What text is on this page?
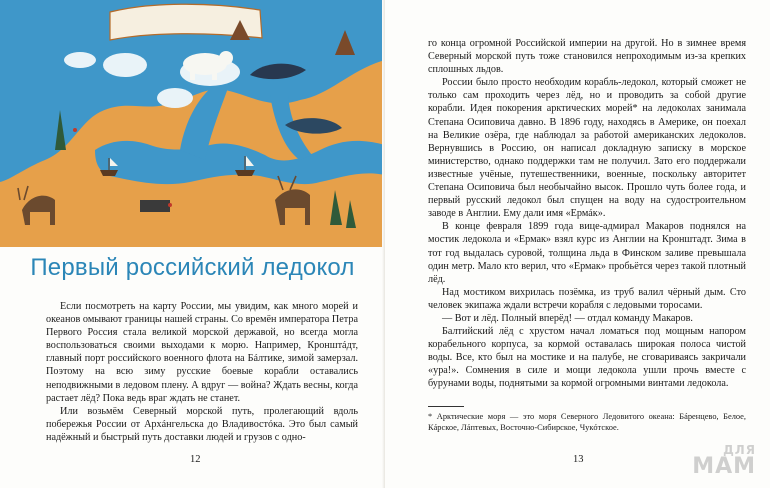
Первый российский ледокол

Если посмотреть на карту России, мы увидим, как много морей и океанов омывают границы нашей страны. Со времён императора Петра Первого Россия стала великой морской державой, но всегда могла воспользоваться своими выходами к морю. Например, Кронштáдт, главный порт российского военного флота на Бáлтике, зимой замерзал. Поэтому на всю зиму русские боевые корабли оставались неподвижными в ледовом плену. А вдруг — война? Ждать весны, когда растает лёд? Пока ведь враг ждать не станет.

Или возьмём Северный морской путь, пролегающий вдоль побережья России от Архáнгельска до Владивостóка. Это был самый надёжный и быстрый путь доставки людей и грузов с одно-

12

го конца огромной Российской империи на другой. Но в зимнее время Северный морской путь тоже становился непроходимым из-за крепких сплошных льдов.

России было просто необходим корабль-ледокол, который сможет не только сам проходить через лёд, но и проводить за собой другие корабли. Идея покорения арктических морей* на ледоколах занимала Степана Осиповича давно. В 1896 году, находясь в Америке, он поехал на Великие озёра, где наблюдал за работой американских ледоколов. Вернувшись в Россию, он написал докладную записку в морское министерство, однако поддержки там не получил. Зато его поддержали известные учёные, путешественники, военные, поскольку авторитет Степана Осиповича был необычайно высок. Прошло чуть более года, и первый русский ледокол был спущен на воду на судостроительном заводе в Англии. Ему дали имя «Ермáк».

В конце февраля 1899 года вице-адмирал Макаров поднялся на мостик ледокола и «Ермак» взял курс из Англии на Кронштадт. Зима в тот год выдалась суровой, толщина льда в Финском заливе превышала один метр. Мало кто верил, что «Ермак» пробьётся через такой плотный лёд.

Над мостиком вихрилась позёмка, из труб валил чёрный дым. Сто человек экипажа ждали встречи корабля с ледовыми торосами.

— Вот и лёд. Полный вперёд! — отдал команду Макаров.

Балтийский лёд с хрустом начал ломаться под мощным напором корабельного корпуса, за кормой оставалась широкая полоса чистой воды. Все, кто был на мостике и на палубе, не сговариваясь закричали «ура!». Сомнения в силе и мощи ледокола ушли прочь вместе с бурунами воды, поднятыми за кормой огромными винтами ледокола.

* Арктические моря — это моря Северного Ледовитого океана: Бáренцево, Белое, Кáрское, Лáптевых, Восточно-Сибирское, Чукóтское.
13
ДЛЯ
МАМ
